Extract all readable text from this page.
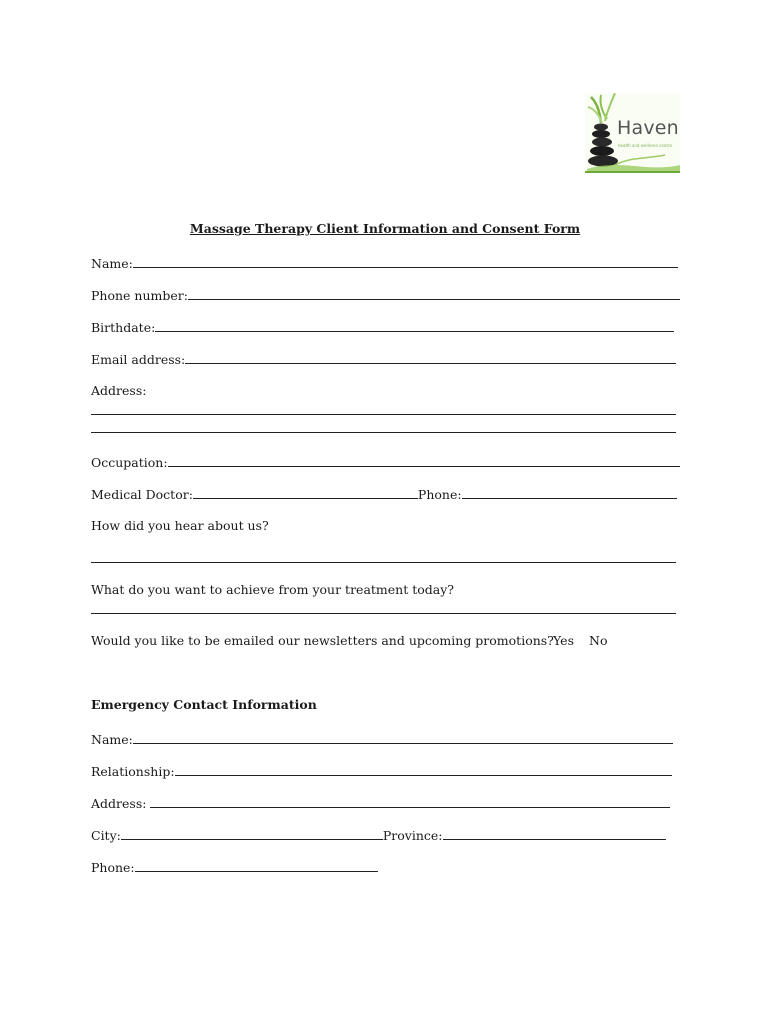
Haven
health and wellness centre
Massage Therapy Client Information and Consent Form
Name:
Phone number:
Birthdate:
Email address:
Address:
Occupation:
Medical Doctor:	Phone:
How did you hear about us?
What do you want to achieve from your treatment today?
Would you like to be emailed our newsletters and upcoming promotions? Yes No
Emergency Contact Information
Name:
Relationship:
Address:
City:	Province:
Phone:
